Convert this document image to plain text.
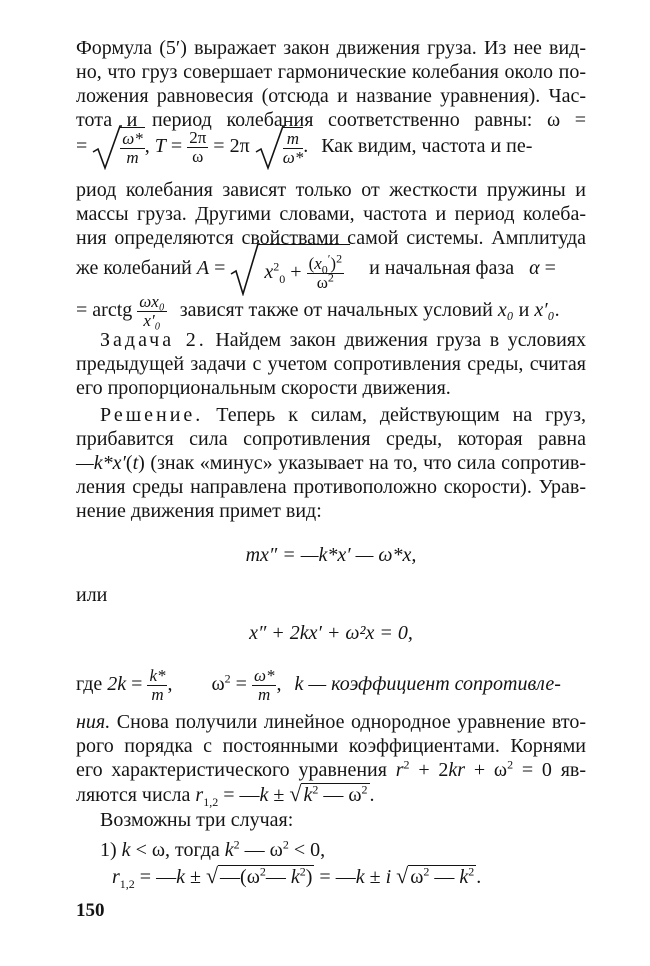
Формула (5′) выражает закон движения груза. Из нее вид-
но, что груз совершает гармонические колебания около по-
ложения равновесия (отсюда и название уравнения). Час-
тота и период колебания соответственно равны: ω =
= $\frac{\omega*}{m}$ , $T = \frac{2\pi}{\omega} = 2\pi \frac{m}{\omega*}$ . Как видим, частота и пе-
риод колебания зависят только от жесткости пружины и
массы груза. Другими словами, частота и период колеба-
ния определяются свойствами самой системы. Амплитуда
же колебаний A =
$x^2_0 + \frac{(x_0')^2}{\omega^2}$ и начальная фаза α =
= arctg $\frac{\text{ωx₀}}{\text{x′₀}}$ зависят также от начальных условий x₀ и x′₀.
Задача 2. Найдем закон движения груза в условиях
предыдущей задачи с учетом сопротивления среды, считая
его пропорциональным скорости движения.
Решение. Теперь к силам, действующим на груз,
прибавится сила сопротивления среды, которая равна
—k*x′(t) (знак «минус» указывает на то, что сила сопротив-
ления среды направлена противоположно скорости). Урав-
нение движения примет вид:
mx″ = —k*x′ — ω*x,
или
x″ + 2kx′ + ω²x = 0,
где $2k = \frac{k*}{m}$ , $\omega^2 = \frac{\omega*}{m}$ , k — коэффициент сопротивле-
ния. Снова получили линейное однородное уравнение вто-
рого порядка с постоянными коэффициентами. Корнями
его характеристического уравнения $r^2 + 2kr + \omega^2 = 0$ яв-
ляются числа $r_{1,2}$ = —k ± √ $k^2$ — $\omega^2$ .
Возможны три случая:
1) k < ω, тогда $k^2$ — $\omega^2 < 0$,
$r_{1,2}$ = —k ± √ $—(\omega^2—$ $k^2$) = —k ± i √ $\omega^2$ — $k^2$ .
150
